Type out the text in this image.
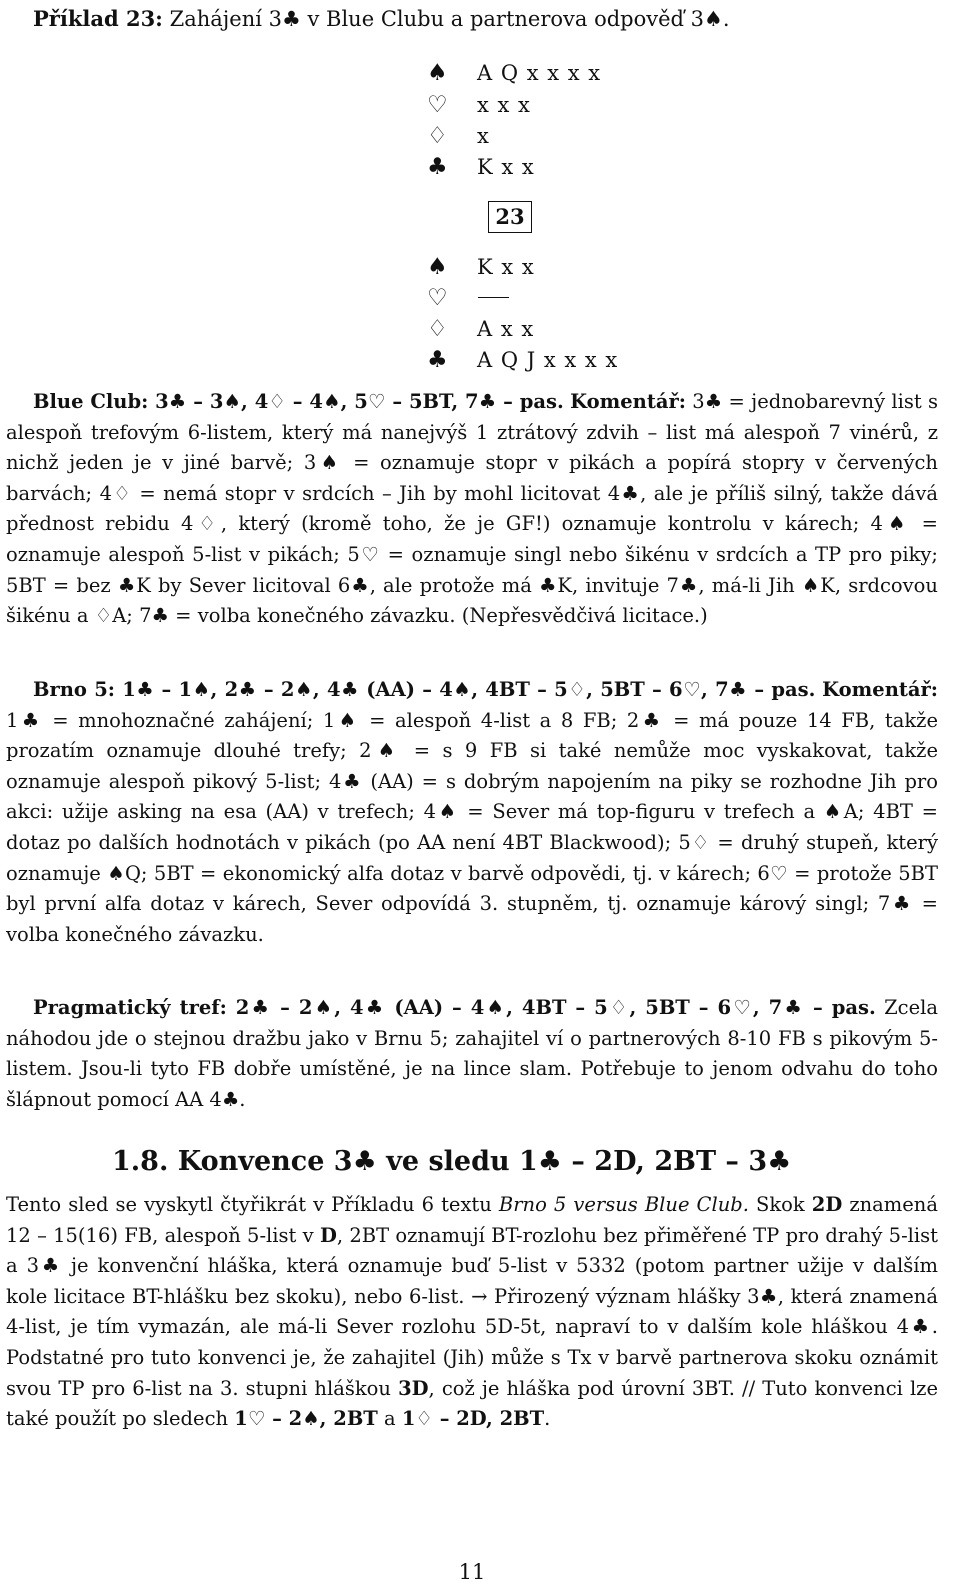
Příklad 23: Zahájení 3♣ v Blue Clubu a partnerova odpověď 3♠.
♠ A Q x x x x
♡ x x x
♢ x
♣ K x x
23
♠ K x x
♡
♢ A x x
♣ A Q J x x x x

Blue Club: 3♣ – 3♠, 4♢ – 4♠, 5♡ – 5BT, 7♣ – pas. Komentář: 3♣ = jednobarevný list s alespoň trefovým 6-listem, který má nanejvýš 1 ztrátový zdvih – list má alespoň 7 vinérů, z nichž jeden je v jiné barvě; 3♠ = oznamuje stopr v pikách a popírá stopry v červených barvách; 4♢ = nemá stopr v srdcích – Jih by mohl licitovat 4♣, ale je příliš silný, takže dává přednost rebidu 4♢, který (kromě toho, že je GF!) oznamuje kontrolu v kárech; 4♠ = oznamuje alespoň 5-list v pikách; 5♡ = oznamuje singl nebo šikénu v srdcích a TP pro piky; 5BT = bez ♣K by Sever licitoval 6♣, ale protože má ♣K, invituje 7♣, má-li Jih ♠K, srdcovou šikénu a ♢A; 7♣ = volba konečného závazku. (Nepřesvědčivá licitace.)

Brno 5: 1♣ – 1♠, 2♣ – 2♠, 4♣ (AA) – 4♠, 4BT – 5♢, 5BT – 6♡, 7♣ – pas. Komentář: 1♣ = mnohoznačné zahájení; 1♠ = alespoň 4-list a 8 FB; 2♣ = má pouze 14 FB, takže prozatím oznamuje dlouhé trefy; 2♠ = s 9 FB si také nemůže moc vyskakovat, takže oznamuje alespoň pikový 5-list; 4♣ (AA) = s dobrým napojením na piky se rozhodne Jih pro akci: užije asking na esa (AA) v trefech; 4♠ = Sever má top-figuru v trefech a ♠A; 4BT = dotaz po dalších hodnotách v pikách (po AA není 4BT Blackwood); 5♢ = druhý stupeň, který oznamuje ♠Q; 5BT = ekonomický alfa dotaz v barvě odpovědi, tj. v kárech; 6♡ = protože 5BT byl první alfa dotaz v kárech, Sever odpovídá 3. stupněm, tj. oznamuje kárový singl; 7♣ = volba konečného závazku.

Pragmatický tref: 2♣ – 2♠, 4♣ (AA) – 4♠, 4BT – 5♢, 5BT – 6♡, 7♣ – pas. Zcela náhodou jde o stejnou dražbu jako v Brnu 5; zahajitel ví o partnerových 8-10 FB s pikovým 5-listem. Jsou-li tyto FB dobře umístěné, je na lince slam. Potřebuje to jenom odvahu do toho šlápnout pomocí AA 4♣.

1.8. Konvence 3♣ ve sledu 1♣ – 2D, 2BT – 3♣

Tento sled se vyskytl čtyřikrát v Příkladu 6 textu Brno 5 versus Blue Club. Skok 2D znamená 12 – 15(16) FB, alespoň 5-list v D, 2BT oznamují BT-rozlohu bez přiměřené TP pro drahý 5-list a 3♣ je konvenční hláška, která oznamuje buď 5-list v 5332 (potom partner užije v dalším kole licitace BT-hlášku bez skoku), nebo 6-list. → Přirozený význam hlášky 3♣, která znamená 4-list, je tím vymazán, ale má-li Sever rozlohu 5D-5t, napraví to v dalším kole hláškou 4♣. Podstatné pro tuto konvenci je, že zahajitel (Jih) může s Tx v barvě partnerova skoku oznámit svou TP pro 6-list na 3. stupni hláškou 3D, což je hláška pod úrovní 3BT. // Tuto konvenci lze také použít po sledech 1♡ – 2♠, 2BT a 1♢ – 2D, 2BT.

11
